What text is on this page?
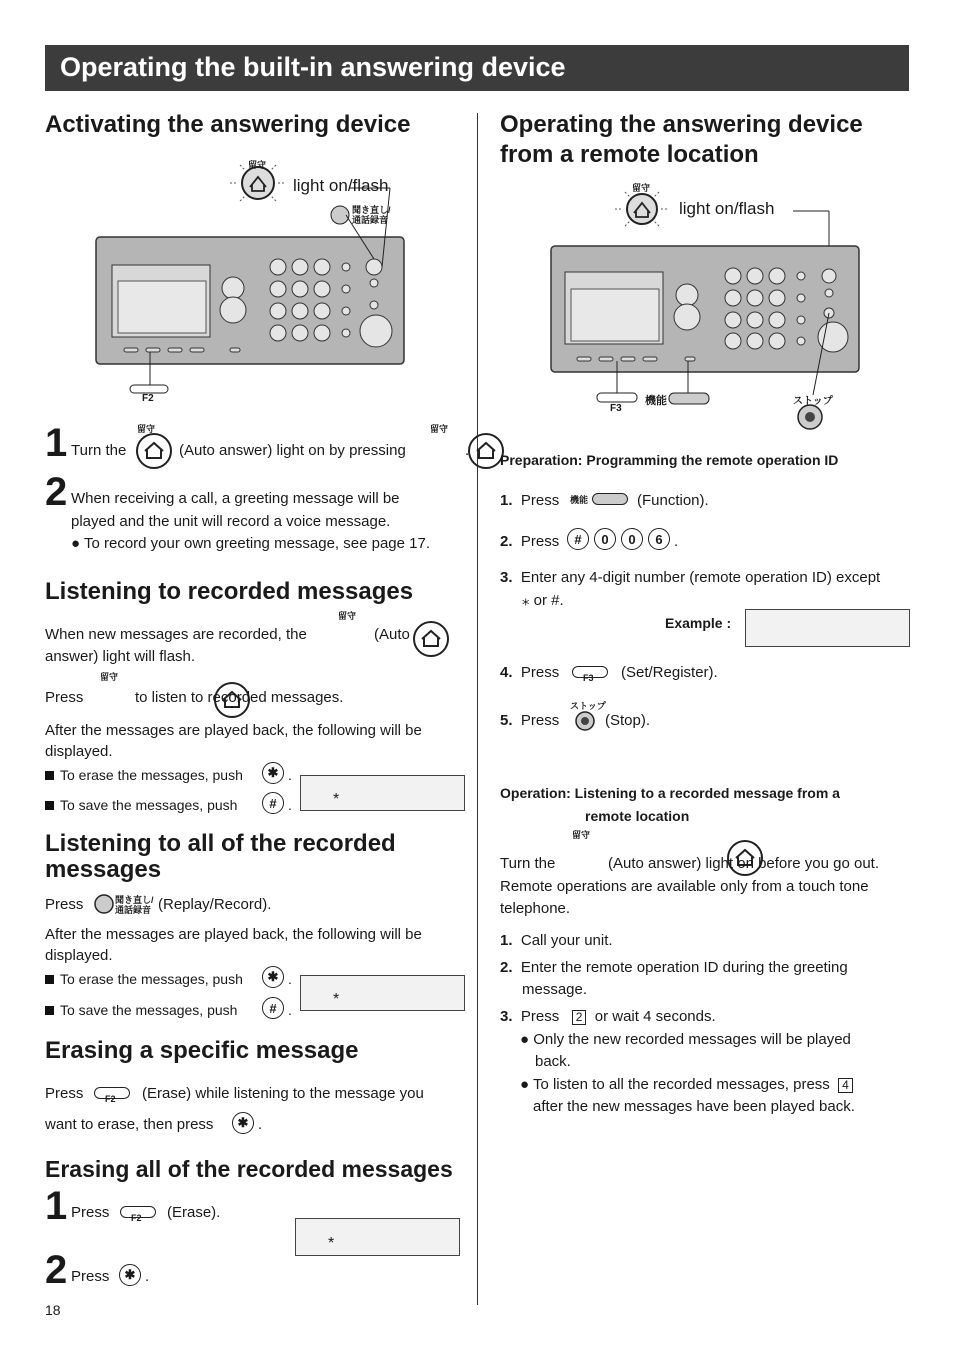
Operating the built-in answering device
Activating the answering device
light on/flash
聞き直し/
通話録音
留守
F2
1 Turn the
留守

(Auto answer) light on by pressing
留守

.
2 When receiving a call, a greeting message will be
played and the unit will record a voice message.
● To record your own greeting message, see page 17.
Listening to recorded messages
When new messages are recorded, the
留守

(Auto
answer) light will flash.
Press
留守

to listen to recorded messages.
After the messages are played back, the following will be
displayed.
To erase the messages, push	✱ .
To save the messages, push	# .	*
Listening to all of the recorded
messages
Press	聞き直し/
通話録音 (Replay/Record).
After the messages are played back, the following will be
displayed.
To erase the messages, push	✱ .
To save the messages, push	# .
*
Erasing a specific message
Press F2 (Erase) while listening to the message you
want to erase, then press	✱ .
Erasing all of the recorded messages
1 Press F2 (Erase).
*
2 Press	✱ .
18
Operating the answering device
from a remote location
留守
light on/flash
F3
機能	ストップ
Preparation: Programming the remote operation ID
1. Press 機能	(Function).
2. Press	#	0	0	6 .
3. Enter any 4-digit number (remote operation ID) except
⁎ or #.
Example :
4. Press	F3 (Set/Register).
5. Press
ストップ
(Stop).
Operation: Listening to a recorded message from a
remote location
Turn the
留守
(Auto answer) light on before you go out.
Remote operations are available only from a touch tone
telephone.
1. Call your unit.
2. Enter the remote operation ID during the greeting
message.
3. Press 2 or wait 4 seconds.
● Only the new recorded messages will be played
back.
● To listen to all the recorded messages, press 4
after the new messages have been played back.
